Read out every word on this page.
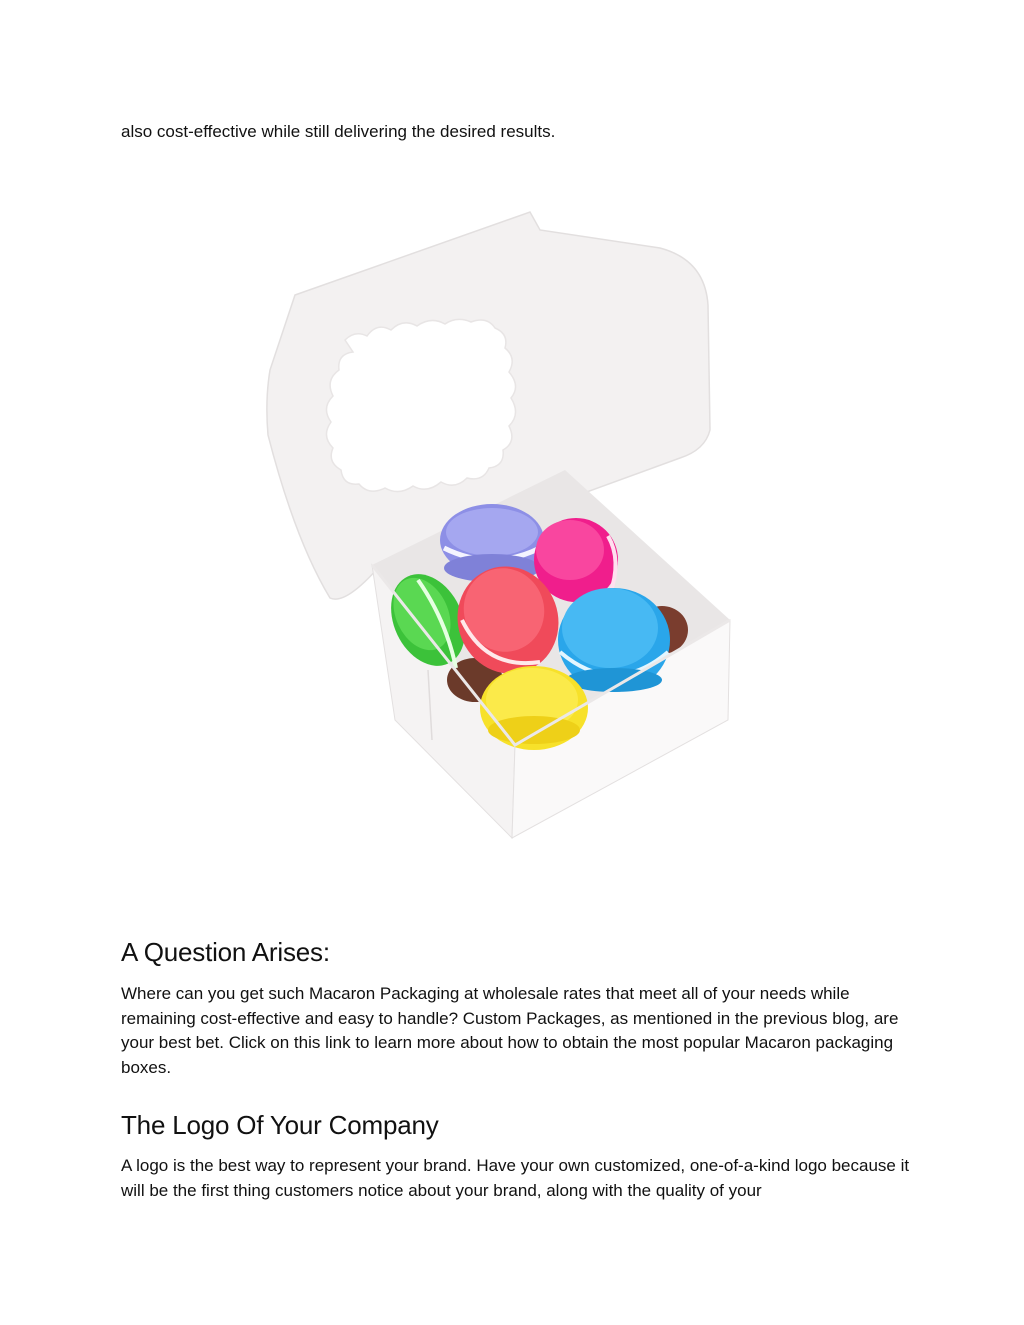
also cost-effective while still delivering the desired results.

A Question Arises:

Where can you get such Macaron Packaging at wholesale rates that meet all of your needs while remaining cost-effective and easy to handle? Custom Packages, as mentioned in the previous blog, are your best bet. Click on this link to learn more about how to obtain the most popular Macaron packaging boxes.

The Logo Of Your Company

A logo is the best way to represent your brand. Have your own customized, one-of-a-kind logo because it will be the first thing customers notice about your brand, along with the quality of your
